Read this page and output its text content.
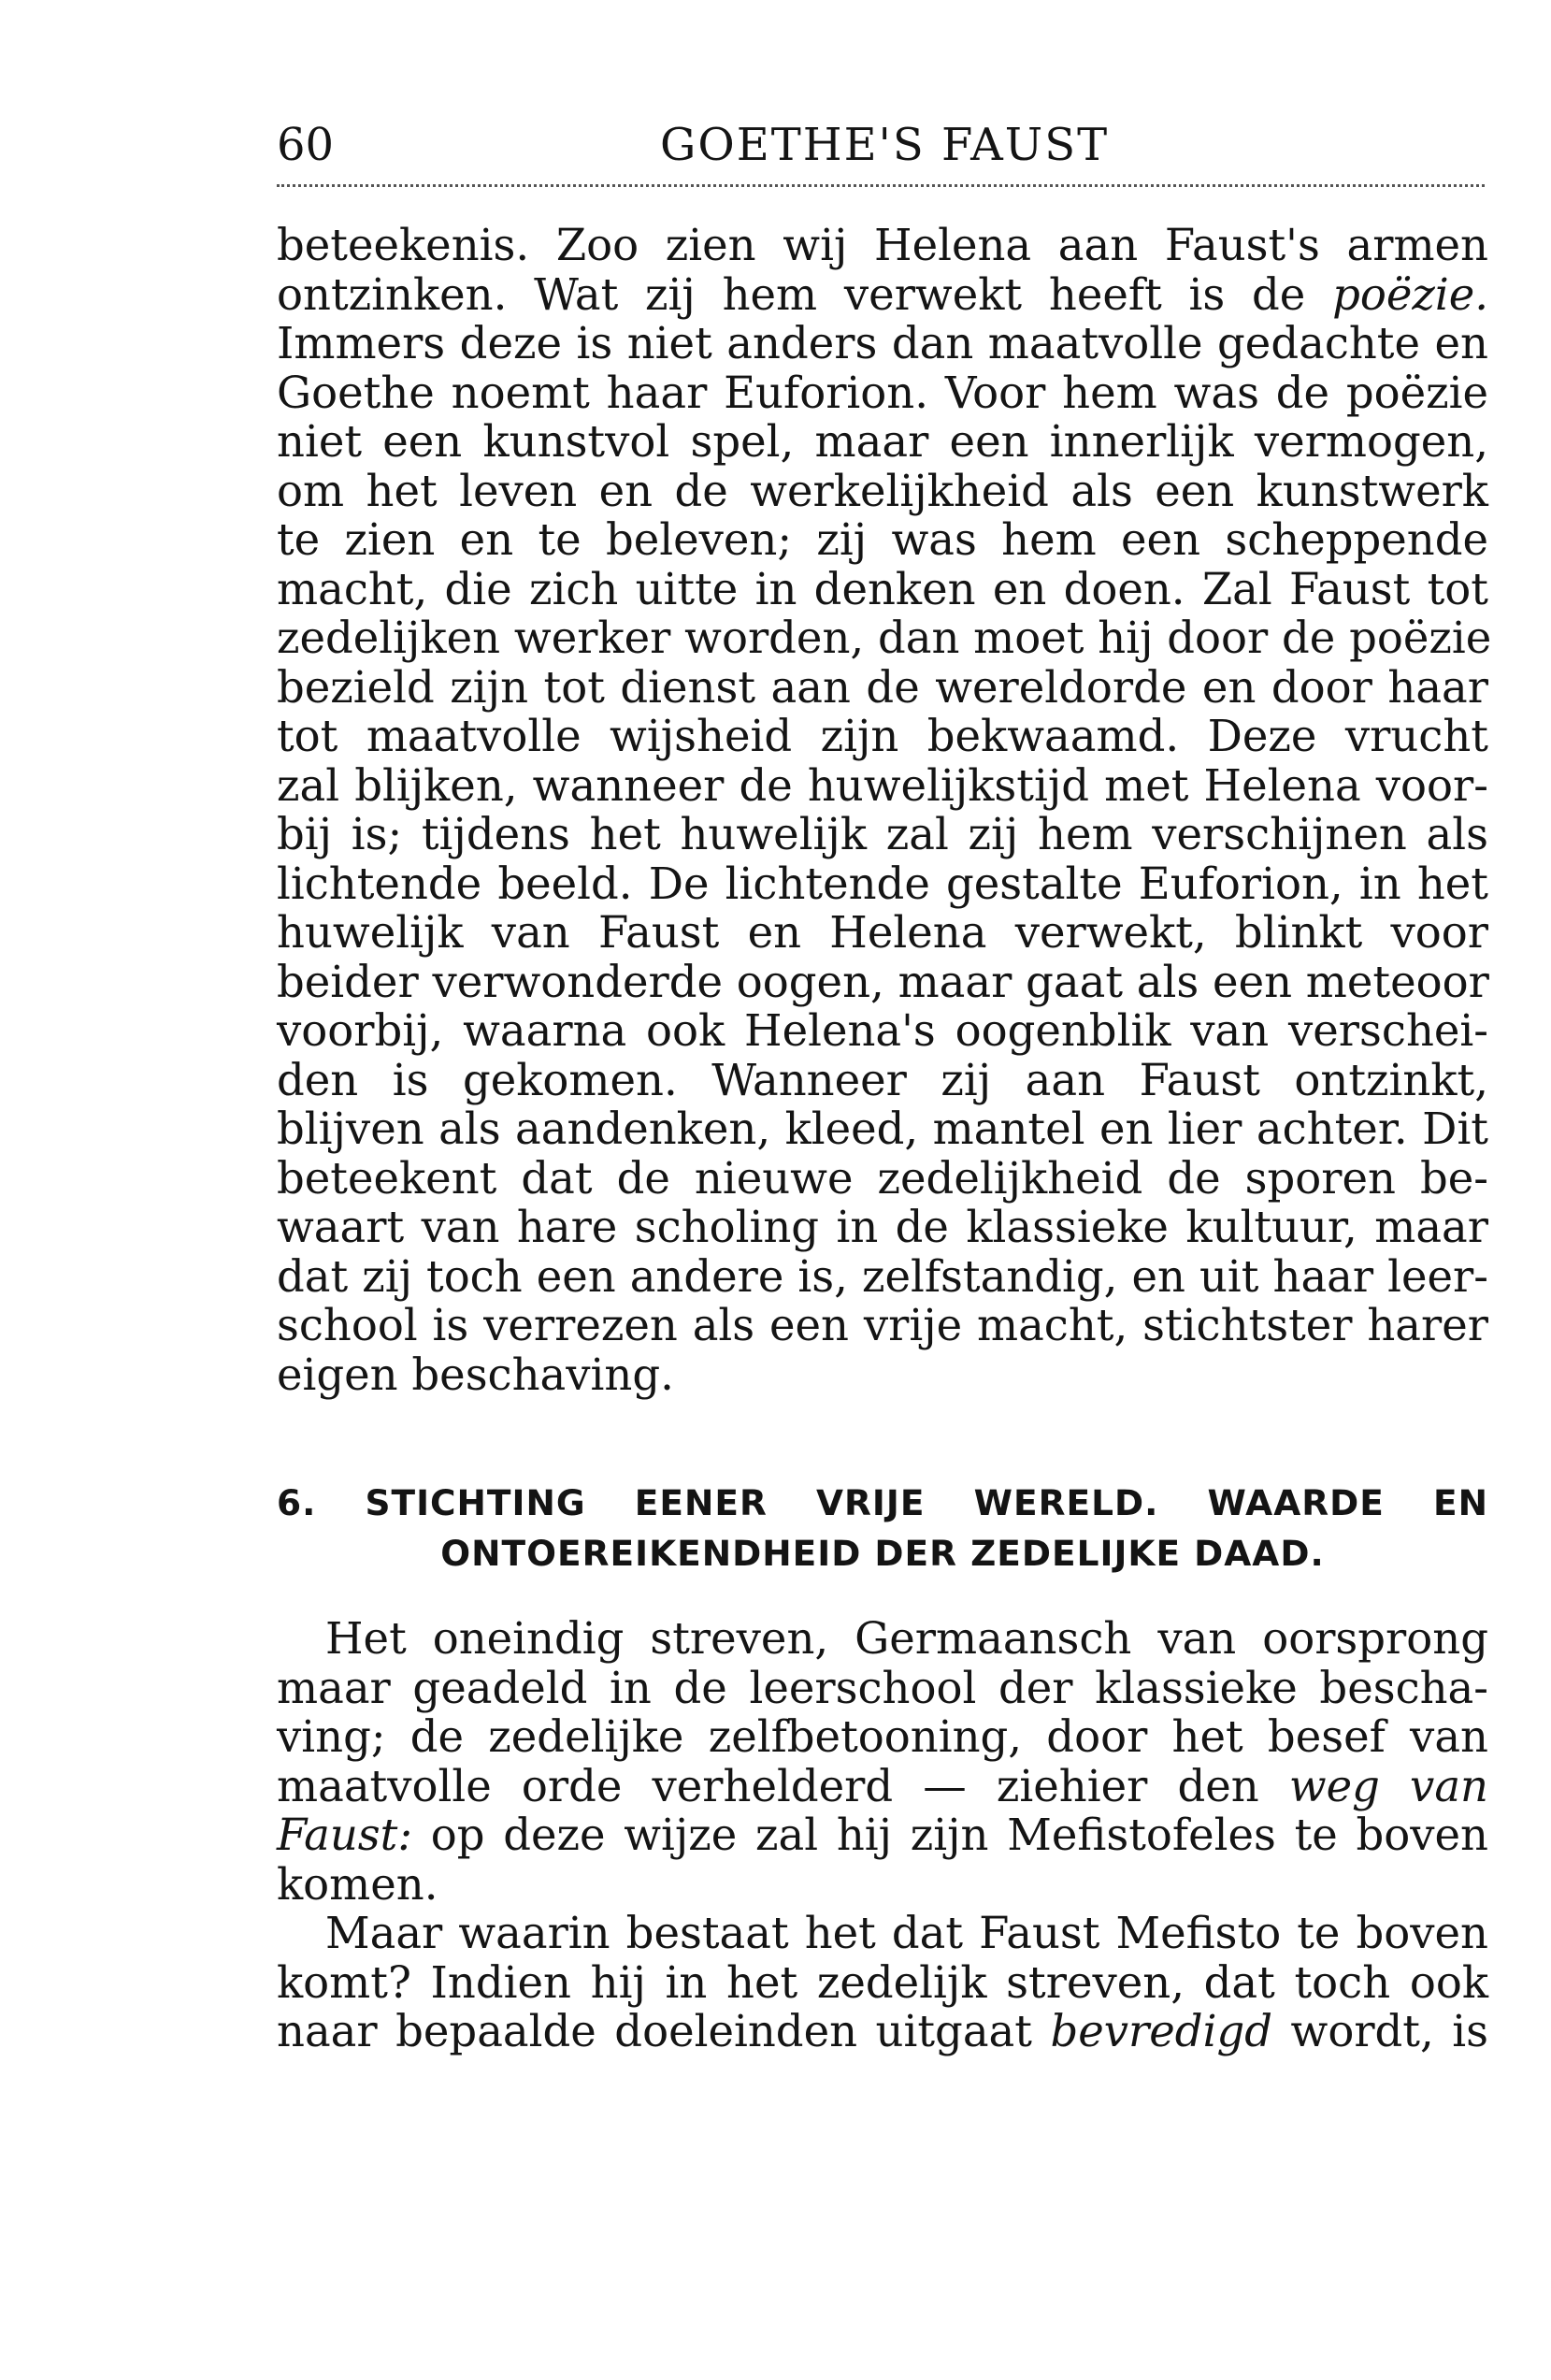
60	GOETHE'S FAUST
beteekenis. Zoo zien wij Helena aan Faust's armen
ontzinken. Wat zij hem verwekt heeft is de poëzie.
Immers deze is niet anders dan maatvolle gedachte en
Goethe noemt haar Euforion. Voor hem was de poëzie
niet een kunstvol spel, maar een innerlijk vermogen,
om het leven en de werkelijkheid als een kunstwerk
te zien en te beleven; zij was hem een scheppende
macht, die zich uitte in denken en doen. Zal Faust tot
zedelijken werker worden, dan moet hij door de poëzie
bezield zijn tot dienst aan de wereldorde en door haar
tot maatvolle wijsheid zijn bekwaamd. Deze vrucht
zal blijken, wanneer de huwelijkstijd met Helena voor-
bij is; tijdens het huwelijk zal zij hem verschijnen als
lichtende beeld. De lichtende gestalte Euforion, in het
huwelijk van Faust en Helena verwekt, blinkt voor
beider verwonderde oogen, maar gaat als een meteoor
voorbij, waarna ook Helena's oogenblik van verschei-
den is gekomen. Wanneer zij aan Faust ontzinkt,
blijven als aandenken, kleed, mantel en lier achter. Dit
beteekent dat de nieuwe zedelijkheid de sporen be-
waart van hare scholing in de klassieke kultuur, maar
dat zij toch een andere is, zelfstandig, en uit haar leer-
school is verrezen als een vrije macht, stichtster harer
eigen beschaving.
6. STICHTING EENER VRIJE WERELD. WAARDE EN
ONTOEREIKENDHEID DER ZEDELIJKE DAAD.
Het oneindig streven, Germaansch van oorsprong
maar geadeld in de leerschool der klassieke bescha-
ving; de zedelijke zelfbetooning, door het besef van
maatvolle orde verhelderd — ziehier den weg van
Faust: op deze wijze zal hij zijn Mefistofeles te boven
komen.
Maar waarin bestaat het dat Faust Mefisto te boven
komt? Indien hij in het zedelijk streven, dat toch ook
naar bepaalde doeleinden uitgaat bevredigd wordt, is
